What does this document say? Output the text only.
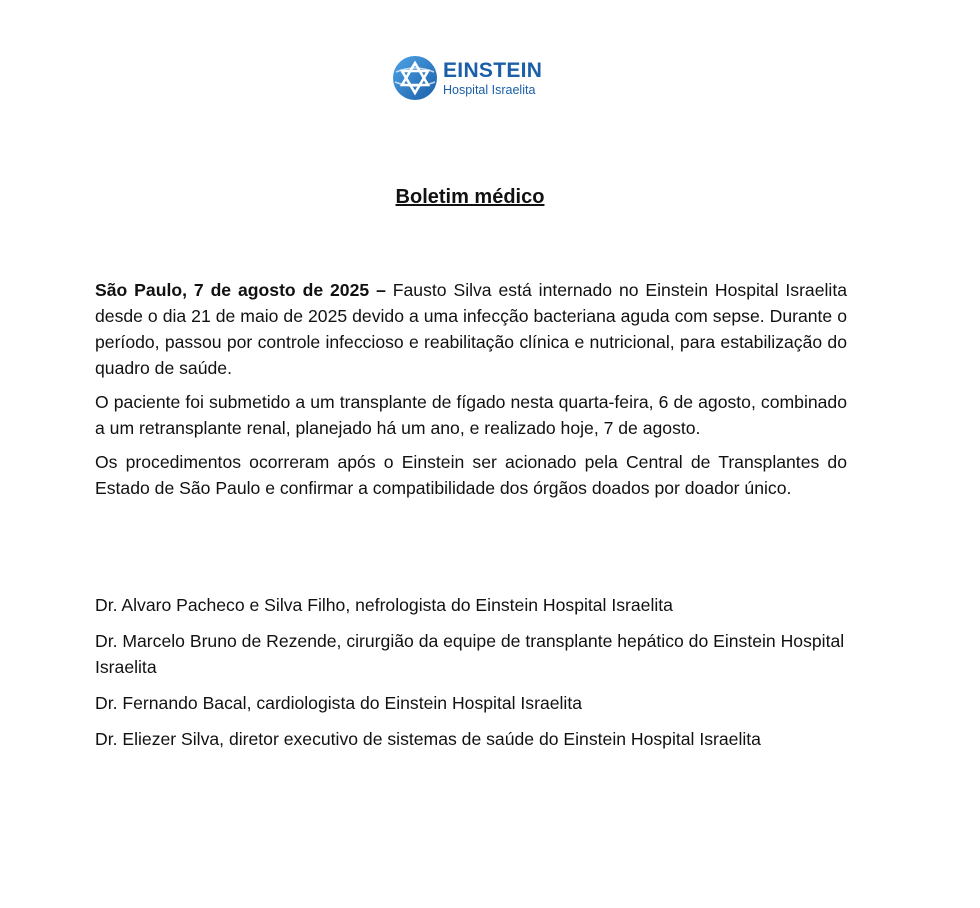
EINSTEIN
Hospital Israelita
Boletim médico

São Paulo, 7 de agosto de 2025 – Fausto Silva está internado no Einstein Hospital Israelita desde o dia 21 de maio de 2025 devido a uma infecção bacteriana aguda com sepse. Durante o período, passou por controle infeccioso e reabilitação clínica e nutricional, para estabilização do quadro de saúde.

O paciente foi submetido a um transplante de fígado nesta quarta-feira, 6 de agosto, combinado a um retransplante renal, planejado há um ano, e realizado hoje, 7 de agosto.

Os procedimentos ocorreram após o Einstein ser acionado pela Central de Transplantes do Estado de São Paulo e confirmar a compatibilidade dos órgãos doados por doador único.

Dr. Alvaro Pacheco e Silva Filho, nefrologista do Einstein Hospital Israelita

Dr. Marcelo Bruno de Rezende, cirurgião da equipe de transplante hepático do Einstein Hospital Israelita

Dr. Fernando Bacal, cardiologista do Einstein Hospital Israelita

Dr. Eliezer Silva, diretor executivo de sistemas de saúde do Einstein Hospital Israelita
